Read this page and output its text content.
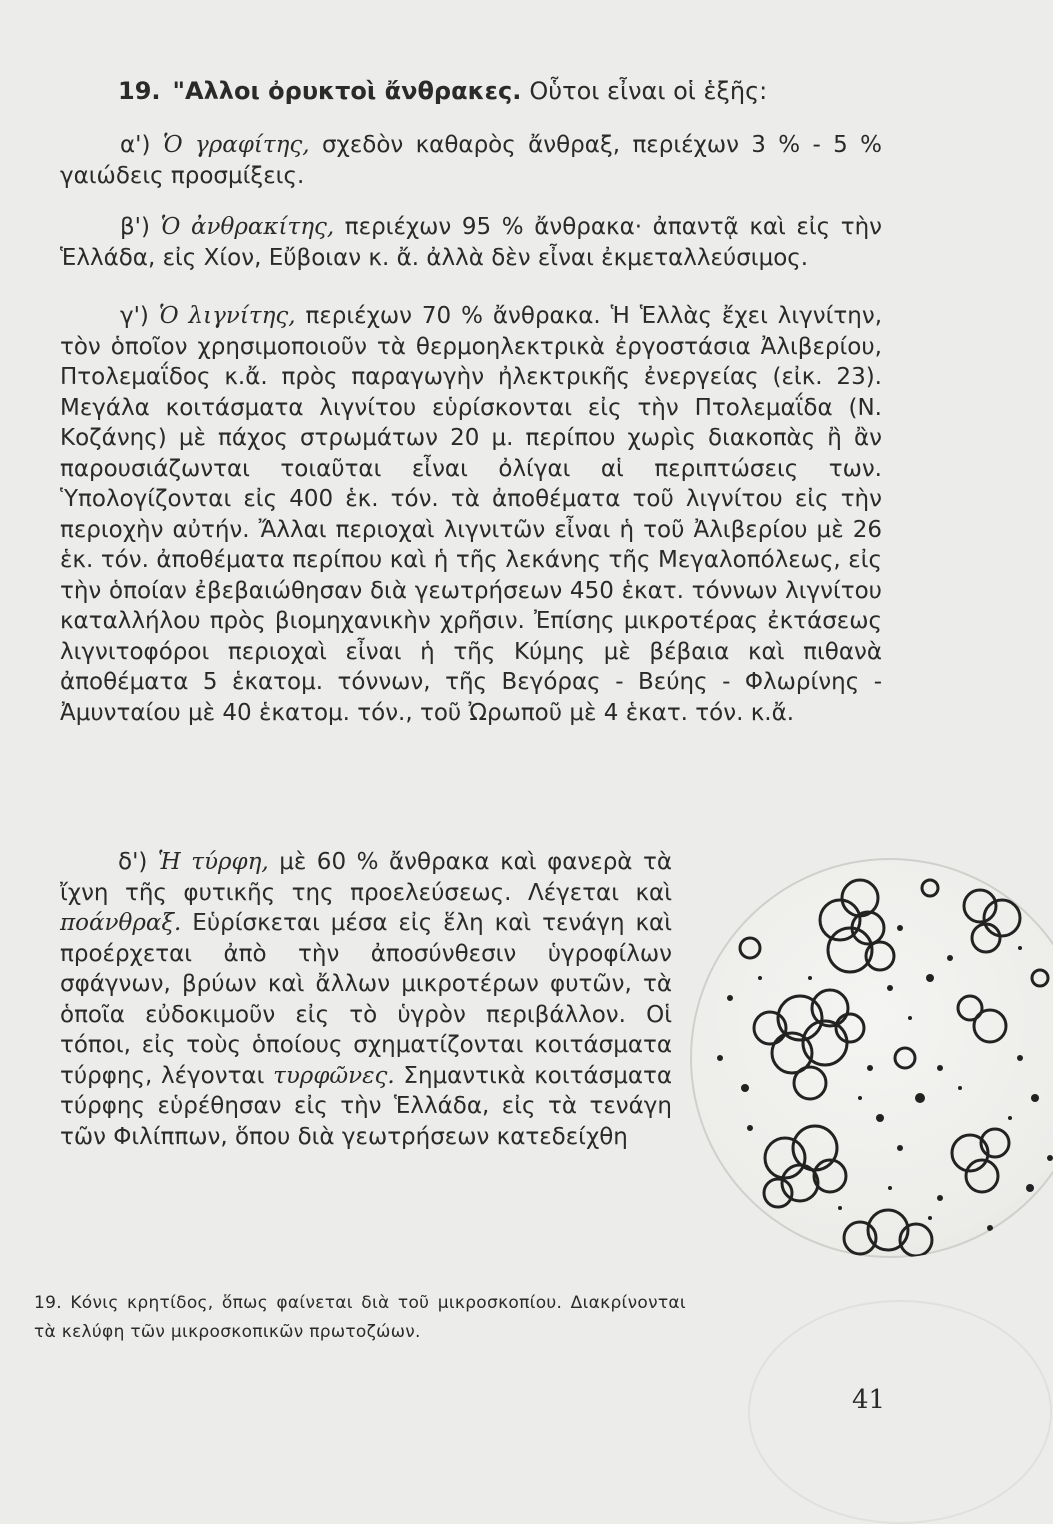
19. "Αλλοι ὀρυκτοὶ ἄνθρακες. Οὗτοι εἶναι οἱ ἑξῆς:

α') Ὁ γραφίτης, σχεδὸν καθαρὸς ἄνθραξ, περιέχων 3 % - 5 % γαιώδεις προσμίξεις.

β') Ὁ ἀνθρακίτης, περιέχων 95 % ἄνθρακα· ἀπαντᾷ καὶ εἰς τὴν Ἑλλάδα, εἰς Χίον, Εὔβοιαν κ. ἄ. ἀλλὰ δὲν εἶναι ἐκμεταλλεύσιμος.

γ') Ὁ λιγνίτης, περιέχων 70 % ἄνθρακα. Ἡ Ἑλλὰς ἔχει λιγνίτην, τὸν ὁποῖον χρησιμοποιοῦν τὰ θερμοηλεκτρικὰ ἐργοστάσια Ἀλιβερίου, Πτολεμαΐδος κ.ἄ. πρὸς παραγωγὴν ἠλεκτρικῆς ἐνεργείας (εἰκ. 23). Μεγάλα κοιτάσματα λιγνίτου εὑρίσκονται εἰς τὴν Πτολεμαΐδα (Ν. Κοζάνης) μὲ πάχος στρωμάτων 20 μ. περίπου χωρὶς διακοπὰς ἢ ἂν παρουσιάζωνται τοιαῦται εἶναι ὀλίγαι αἱ περιπτώσεις των. Ὑπολογίζονται εἰς 400 ἑκ. τόν. τὰ ἀποθέματα τοῦ λιγνίτου εἰς τὴν περιοχὴν αὐτήν. Ἄλλαι περιοχαὶ λιγνιτῶν εἶναι ἡ τοῦ Ἀλιβερίου μὲ 26 ἑκ. τόν. ἀποθέματα περίπου καὶ ἡ τῆς λεκάνης τῆς Μεγαλοπόλεως, εἰς τὴν ὁποίαν ἐβεβαιώθησαν διὰ γεωτρήσεων 450 ἑκατ. τόννων λιγνίτου καταλλήλου πρὸς βιομηχανικὴν χρῆσιν. Ἐπίσης μικροτέρας ἐκτάσεως λιγνιτοφόροι περιοχαὶ εἶναι ἡ τῆς Κύμης μὲ βέβαια καὶ πιθανὰ ἀποθέματα 5 ἑκατομ. τόννων, τῆς Βεγόρας - Βεύης - Φλωρίνης - Ἀμυνταίου μὲ 40 ἑκατομ. τόν., τοῦ Ὠρωποῦ μὲ 4 ἑκατ. τόν. κ.ἄ.

δ') Ἡ τύρφη, μὲ 60 % ἄνθρακα καὶ φανερὰ τὰ ἴχνη τῆς φυτικῆς της προελεύσεως. Λέγεται καὶ ποάνθραξ. Εὑρίσκεται μέσα εἰς ἕλη καὶ τενάγη καὶ προέρχεται ἀπὸ τὴν ἀποσύνθεσιν ὑγροφίλων σφάγνων, βρύων καὶ ἄλλων μικροτέρων φυτῶν, τὰ ὁποῖα εὐδοκιμοῦν εἰς τὸ ὑγρὸν περιβάλλον. Οἱ τόποι, εἰς τοὺς ὁποίους σχηματίζονται κοιτάσματα τύρφης, λέγονται τυρφῶνες. Σημαντικὰ κοιτάσματα τύρφης εὑρέθησαν εἰς τὴν Ἑλλάδα, εἰς τὰ τενάγη τῶν Φιλίππων, ὅπου διὰ γεωτρήσεων κατεδείχθη

19. Κόνις κρητίδος, ὅπως φαίνεται διὰ τοῦ μικροσκοπίου. Διακρίνονται τὰ κελύφη τῶν μικροσκοπικῶν πρωτοζώων.

41
